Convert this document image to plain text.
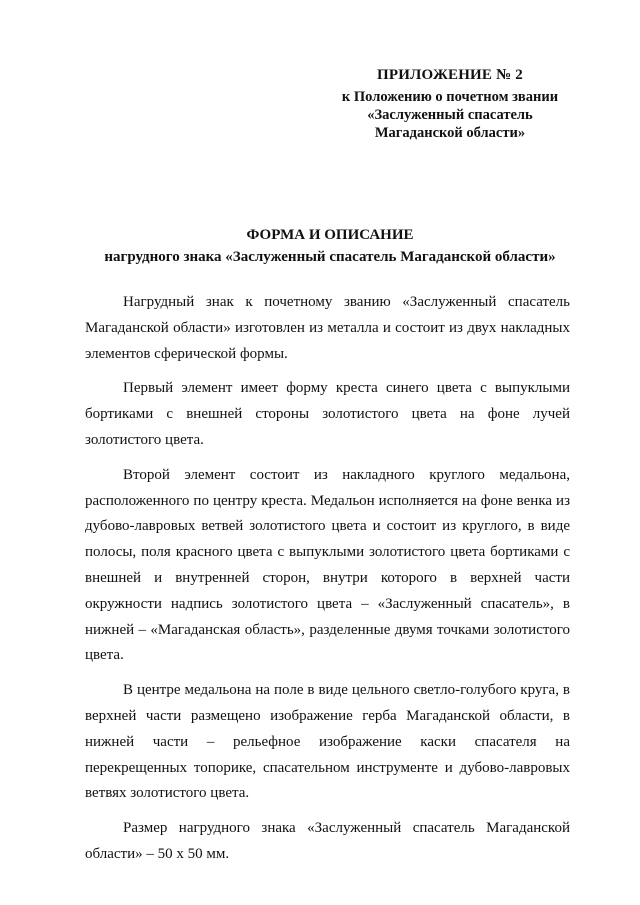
ПРИЛОЖЕНИЕ № 2
к Положению о почетном звании
«Заслуженный спасатель
Магаданской области»
ФОРМА И ОПИСАНИЕ
нагрудного знака «Заслуженный спасатель Магаданской области»

Нагрудный знак к почетному званию «Заслуженный спасатель Магаданской области» изготовлен из металла и состоит из двух накладных элементов сферической формы.

Первый элемент имеет форму креста синего цвета с выпуклыми бортиками с внешней стороны золотистого цвета на фоне лучей золотистого цвета.

Второй элемент состоит из накладного круглого медальона, расположенного по центру креста. Медальон исполняется на фоне венка из дубово-лавровых ветвей золотистого цвета и состоит из круглого, в виде полосы, поля красного цвета с выпуклыми золотистого цвета бортиками с внешней и внутренней сторон, внутри которого в верхней части окружности надпись золотистого цвета – «Заслуженный спасатель», в нижней – «Магаданская область», разделенные двумя точками золотистого цвета.

В центре медальона на поле в виде цельного светло-голубого круга, в верхней части размещено изображение герба Магаданской области, в нижней части – рельефное изображение каски спасателя на перекрещенных топорике, спасательном инструменте и дубово-лавровых ветвях золотистого цвета.

Размер нагрудного знака «Заслуженный спасатель Магаданской области» – 50 х 50 мм.
